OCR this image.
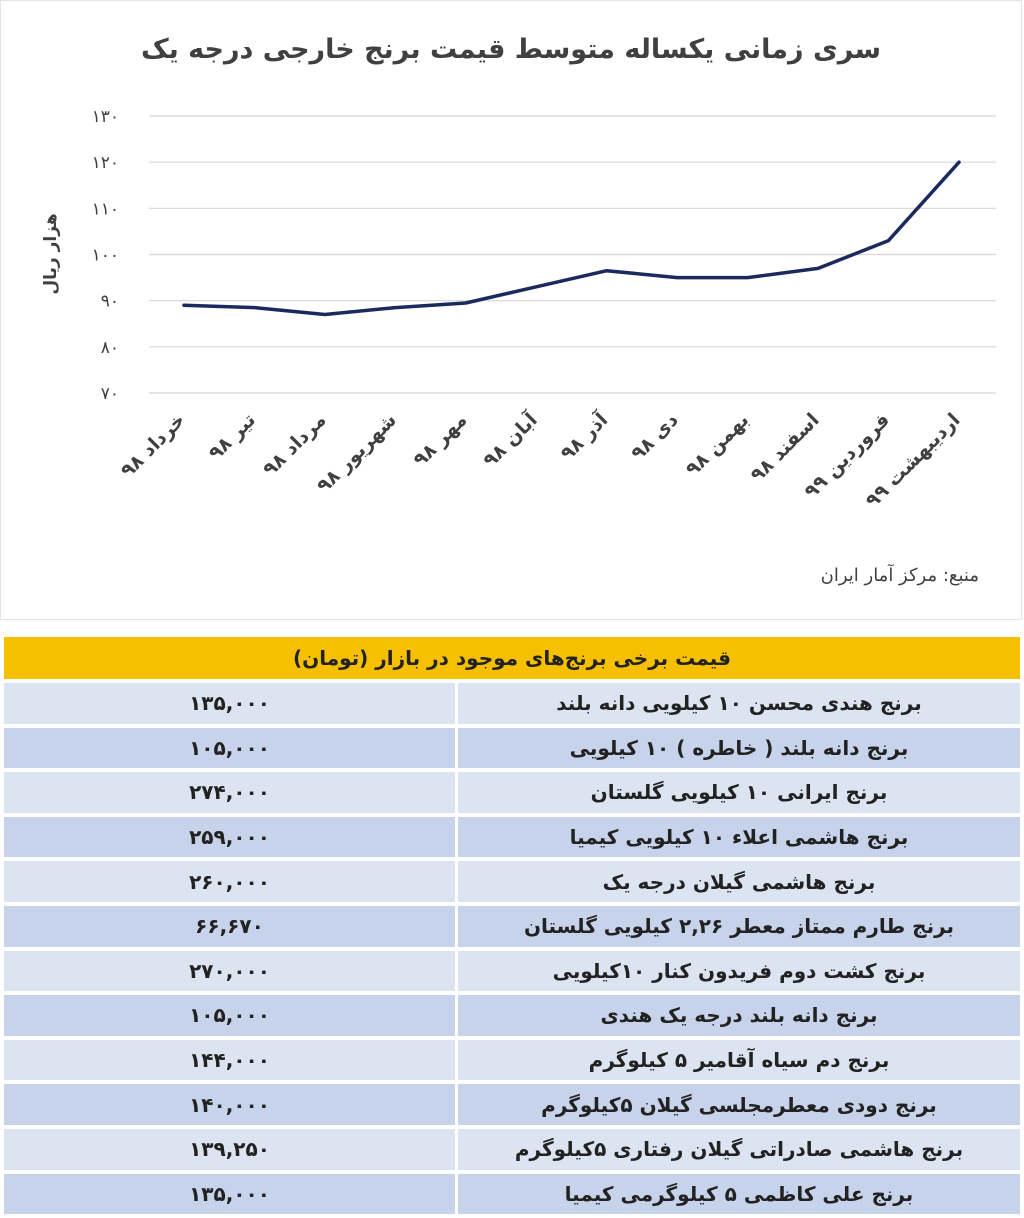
سری زمانی یکساله متوسط قیمت برنج خارجی درجه یک
۷۰
۸۰
۹۰
۱۰۰
۱۱۰
۱۲۰
۱۳۰
هزار ریال
خرداد ۹۸ تیر ۹۸
مرداد ۹۸
شهریور ۹۸ مهر ۹۸
آبان ۹۸ آذر ۹۸
دی ۹۸
بهمن ۹۸
اسفند ۹۸
فروردین ۹۹
اردیبهشت ۹۹
منبع: مرکز آمار ایران
قیمت برخی برنج‌های موجود در بازار (تومان)
برنج هندی محسن ۱۰ کیلویی دانه بلند	۱۳۵,۰۰۰
برنج دانه بلند ( خاطره ) ۱۰ کیلویی	۱۰۵,۰۰۰
برنج ایرانی ۱۰ کیلویی گلستان	۲۷۴,۰۰۰
برنج هاشمی اعلاء ۱۰ کیلویی کیمیا	۲۵۹,۰۰۰
برنج هاشمی گیلان درجه یک	۲۶۰,۰۰۰
برنج طارم ممتاز معطر ۲,۲۶ کیلویی گلستان	۶۶,۶۷۰
برنج کشت دوم فریدون کنار ۱۰کیلویی	۲۷۰,۰۰۰
برنج دانه بلند درجه یک هندی	۱۰۵,۰۰۰
برنج دم سیاه آقامیر ۵ کیلوگرم	۱۴۴,۰۰۰
برنج دودی معطرمجلسی گیلان ۵کیلوگرم	۱۴۰,۰۰۰
برنج هاشمی صادراتی گیلان رفتاری ۵کیلوگرم	۱۳۹,۲۵۰
برنج علی کاظمی ۵ کیلوگرمی کیمیا	۱۳۵,۰۰۰
